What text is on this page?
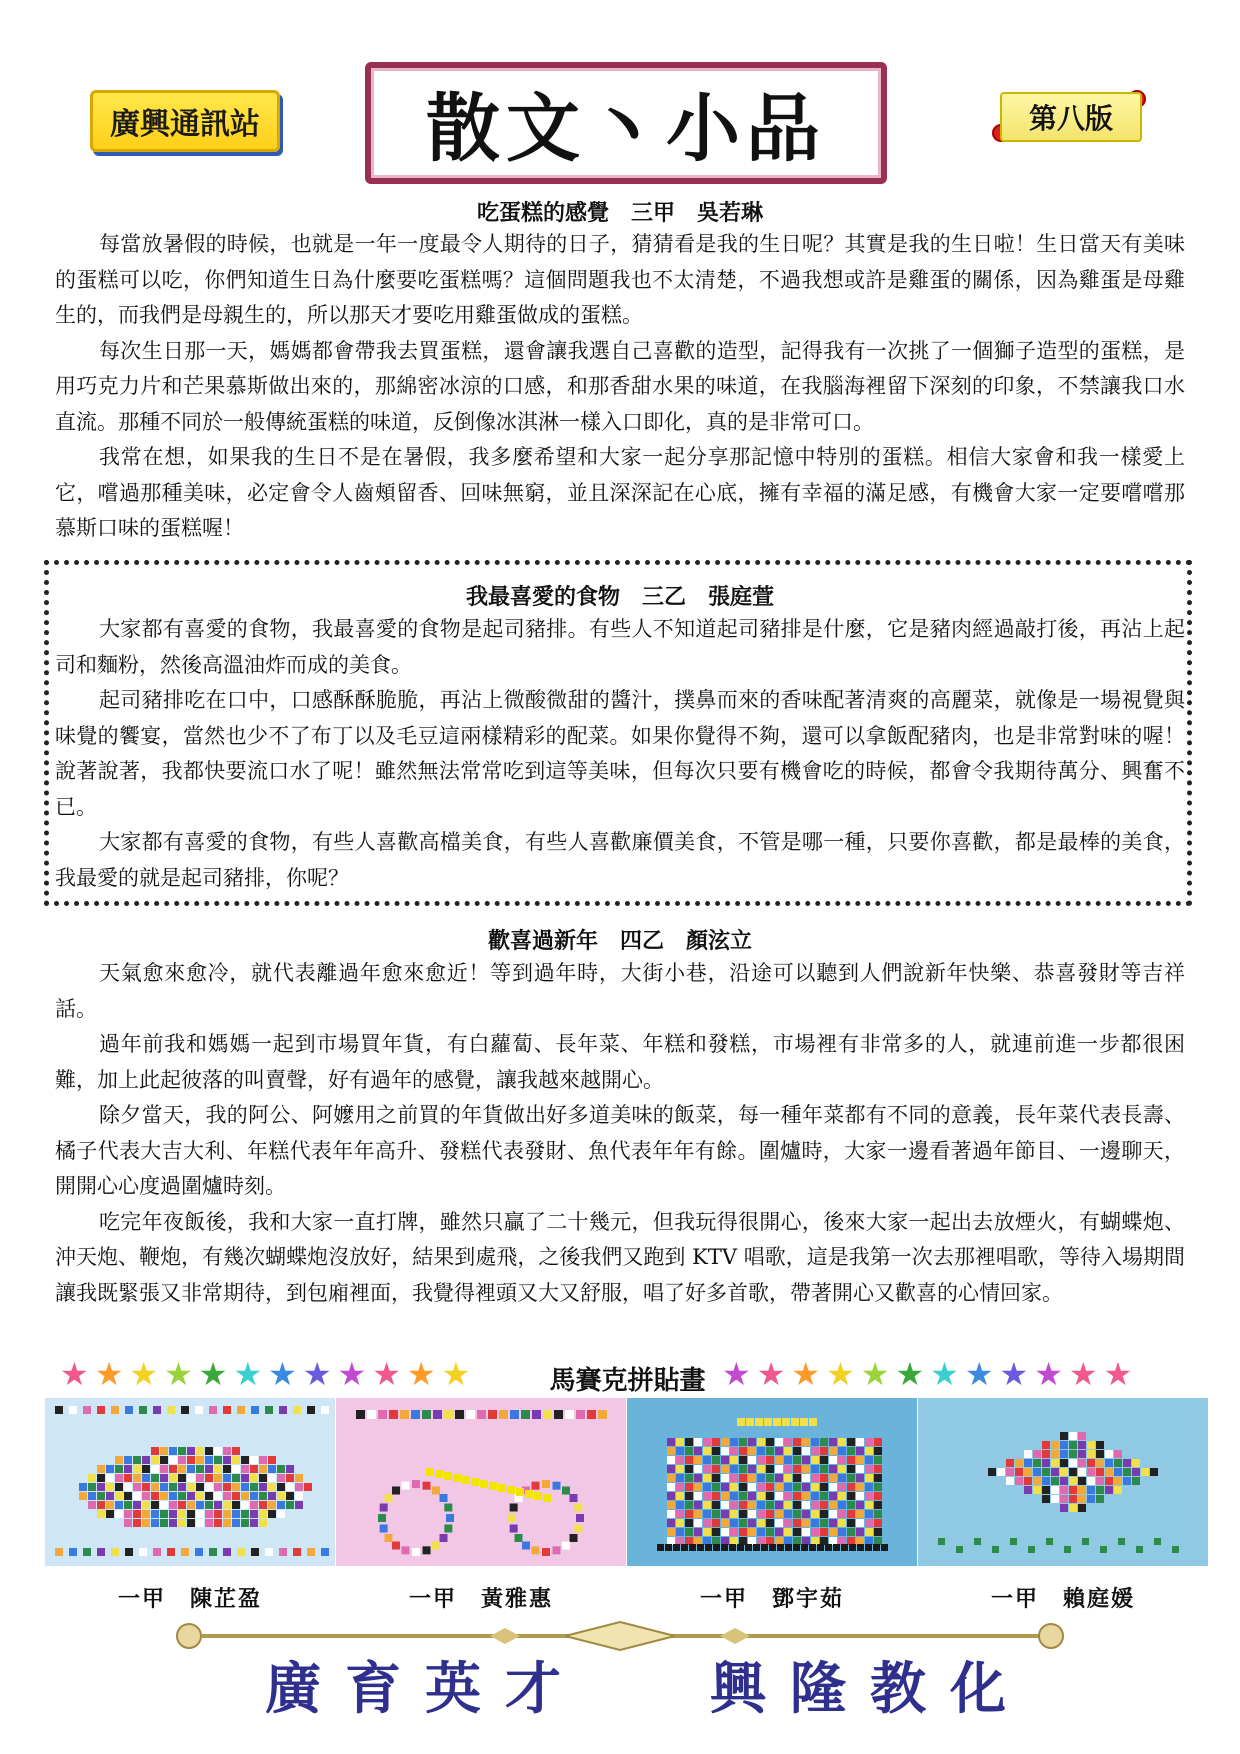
廣興通訊站	散文丶小品	第八版
吃蛋糕的感覺　三甲　吳若琳

每當放暑假的時候，也就是一年一度最令人期待的日子，猜猜看是我的生日呢？其實是我的生日啦！生日當天有美味的蛋糕可以吃，你們知道生日為什麼要吃蛋糕嗎？這個問題我也不太清楚，不過我想或許是雞蛋的關係，因為雞蛋是母雞生的，而我們是母親生的，所以那天才要吃用雞蛋做成的蛋糕。

每次生日那一天，媽媽都會帶我去買蛋糕，還會讓我選自己喜歡的造型，記得我有一次挑了一個獅子造型的蛋糕，是用巧克力片和芒果慕斯做出來的，那綿密冰涼的口感，和那香甜水果的味道，在我腦海裡留下深刻的印象，不禁讓我口水直流。那種不同於一般傳統蛋糕的味道，反倒像冰淇淋一樣入口即化，真的是非常可口。

我常在想，如果我的生日不是在暑假，我多麼希望和大家一起分享那記憶中特別的蛋糕。相信大家會和我一樣愛上它，嚐過那種美味，必定會令人齒頰留香、回味無窮，並且深深記在心底，擁有幸福的滿足感，有機會大家一定要嚐嚐那慕斯口味的蛋糕喔！

我最喜愛的食物　三乙　張庭萱

大家都有喜愛的食物，我最喜愛的食物是起司豬排。有些人不知道起司豬排是什麼，它是豬肉經過敲打後，再沾上起司和麵粉，然後高溫油炸而成的美食。

起司豬排吃在口中，口感酥酥脆脆，再沾上微酸微甜的醬汁，撲鼻而來的香味配著清爽的高麗菜，就像是一場視覺與味覺的饗宴，當然也少不了布丁以及毛豆這兩樣精彩的配菜。如果你覺得不夠，還可以拿飯配豬肉，也是非常對味的喔！說著說著，我都快要流口水了呢！雖然無法常常吃到這等美味，但每次只要有機會吃的時候，都會令我期待萬分、興奮不已。

大家都有喜愛的食物，有些人喜歡高檔美食，有些人喜歡廉價美食，不管是哪一種，只要你喜歡，都是最棒的美食，我最愛的就是起司豬排，你呢？

歡喜過新年　四乙　顏泫立

天氣愈來愈冷，就代表離過年愈來愈近！等到過年時，大街小巷，沿途可以聽到人們說新年快樂、恭喜發財等吉祥話。

過年前我和媽媽一起到市場買年貨，有白蘿蔔、長年菜、年糕和發糕，市場裡有非常多的人，就連前進一步都很困難，加上此起彼落的叫賣聲，好有過年的感覺，讓我越來越開心。

除夕當天，我的阿公、阿嬤用之前買的年貨做出好多道美味的飯菜，每一種年菜都有不同的意義，長年菜代表長壽、橘子代表大吉大利、年糕代表年年高升、發糕代表發財、魚代表年年有餘。圍爐時，大家一邊看著過年節目、一邊聊天，開開心心度過圍爐時刻。

吃完年夜飯後，我和大家一直打牌，雖然只贏了二十幾元，但我玩得很開心，後來大家一起出去放煙火，有蝴蝶炮、沖天炮、鞭炮，有幾次蝴蝶炮沒放好，結果到處飛，之後我們又跑到 KTV 唱歌，這是我第一次去那裡唱歌，等待入場期間讓我既緊張又非常期待，到包廂裡面，我覺得裡頭又大又舒服，唱了好多首歌，帶著開心又歡喜的心情回家。

★ ★ ★ ★ ★ ★ ★ ★ ★ ★ ★ ★	馬賽克拼貼畫 ★ ★ ★ ★ ★ ★ ★ ★ ★ ★ ★ ★
一甲　陳芷盈	一甲　黃雅惠	一甲　鄧宇茹	一甲　賴庭媛
廣育英才 興隆教化
